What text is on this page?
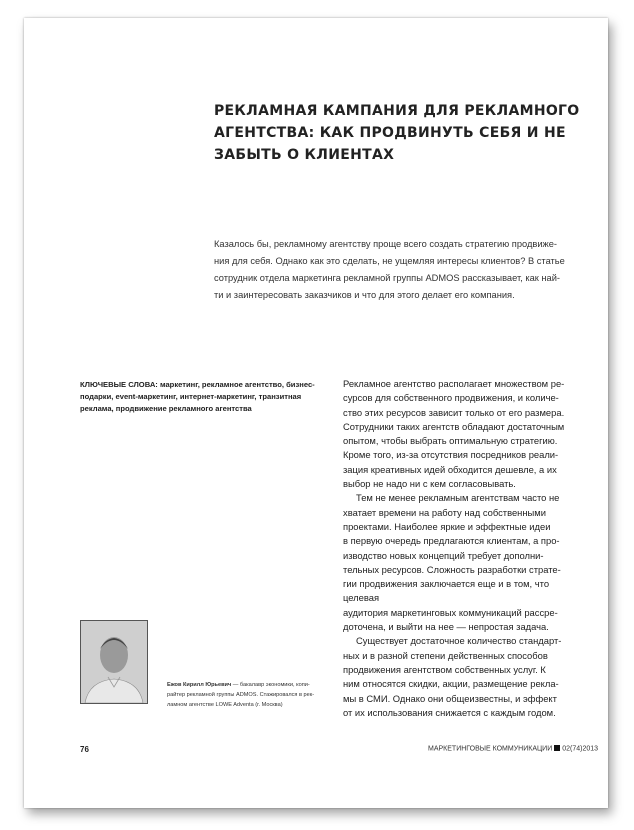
РЕКЛАМНАЯ КАМПАНИЯ ДЛЯ РЕКЛАМНОГО
АГЕНТСТВА: КАК ПРОДВИНУТЬ СЕБЯ И НЕ
ЗАБЫТЬ О КЛИЕНТАХ
Казалось бы, рекламному агентству проще всего создать стратегию продвиже-
ния для себя. Однако как это сделать, не ущемляя интересы клиентов? В статье
сотрудник отдела маркетинга рекламной группы ADMOS рассказывает, как най-
ти и заинтересовать заказчиков и что для этого делает его компания.
КЛЮЧЕВЫЕ СЛОВА: маркетинг, рекламное агентство, бизнес-
подарки, event-маркетинг, интернет-маркетинг, транзитная
реклама, продвижение рекламного агентства
Рекламное агентство располагает множеством ре-
сурсов для собственного продвижения, и количе-
ство этих ресурсов зависит только от его размера.
Сотрудники таких агентств обладают достаточным
опытом, чтобы выбрать оптимальную стратегию.
Кроме того, из-за отсутствия посредников реали-
зация креативных идей обходится дешевле, а их
выбор не надо ни с кем согласовывать.
Тем не менее рекламным агентствам часто не
хватает времени на работу над собственными
проектами. Наиболее яркие и эффектные идеи
в первую очередь предлагаются клиентам, а про-
изводство новых концепций требует дополни-
тельных ресурсов. Сложность разработки страте-
гии продвижения заключается еще и в том, что
целевая
аудитория маркетинговых коммуникаций рассре-
доточена, и выйти на нее — непростая задача.
Существует достаточное количество стандарт-
ных и в разной степени действенных способов
продвижения агентством собственных услуг. К
ним относятся скидки, акции, размещение рекла-
мы в СМИ. Однако они общеизвестны, и эффект
от их использования снижается с каждым годом.
Ежов Кирилл Юрьевич — бакалавр экономики, копи-
райтер рекламной группы ADMOS. Стажировался в рек-
ламном агентстве LOWE Adventa (г. Москва)
76	МАРКЕТИНГОВЫЕ КОММУНИКАЦИИ 02(74)2013
